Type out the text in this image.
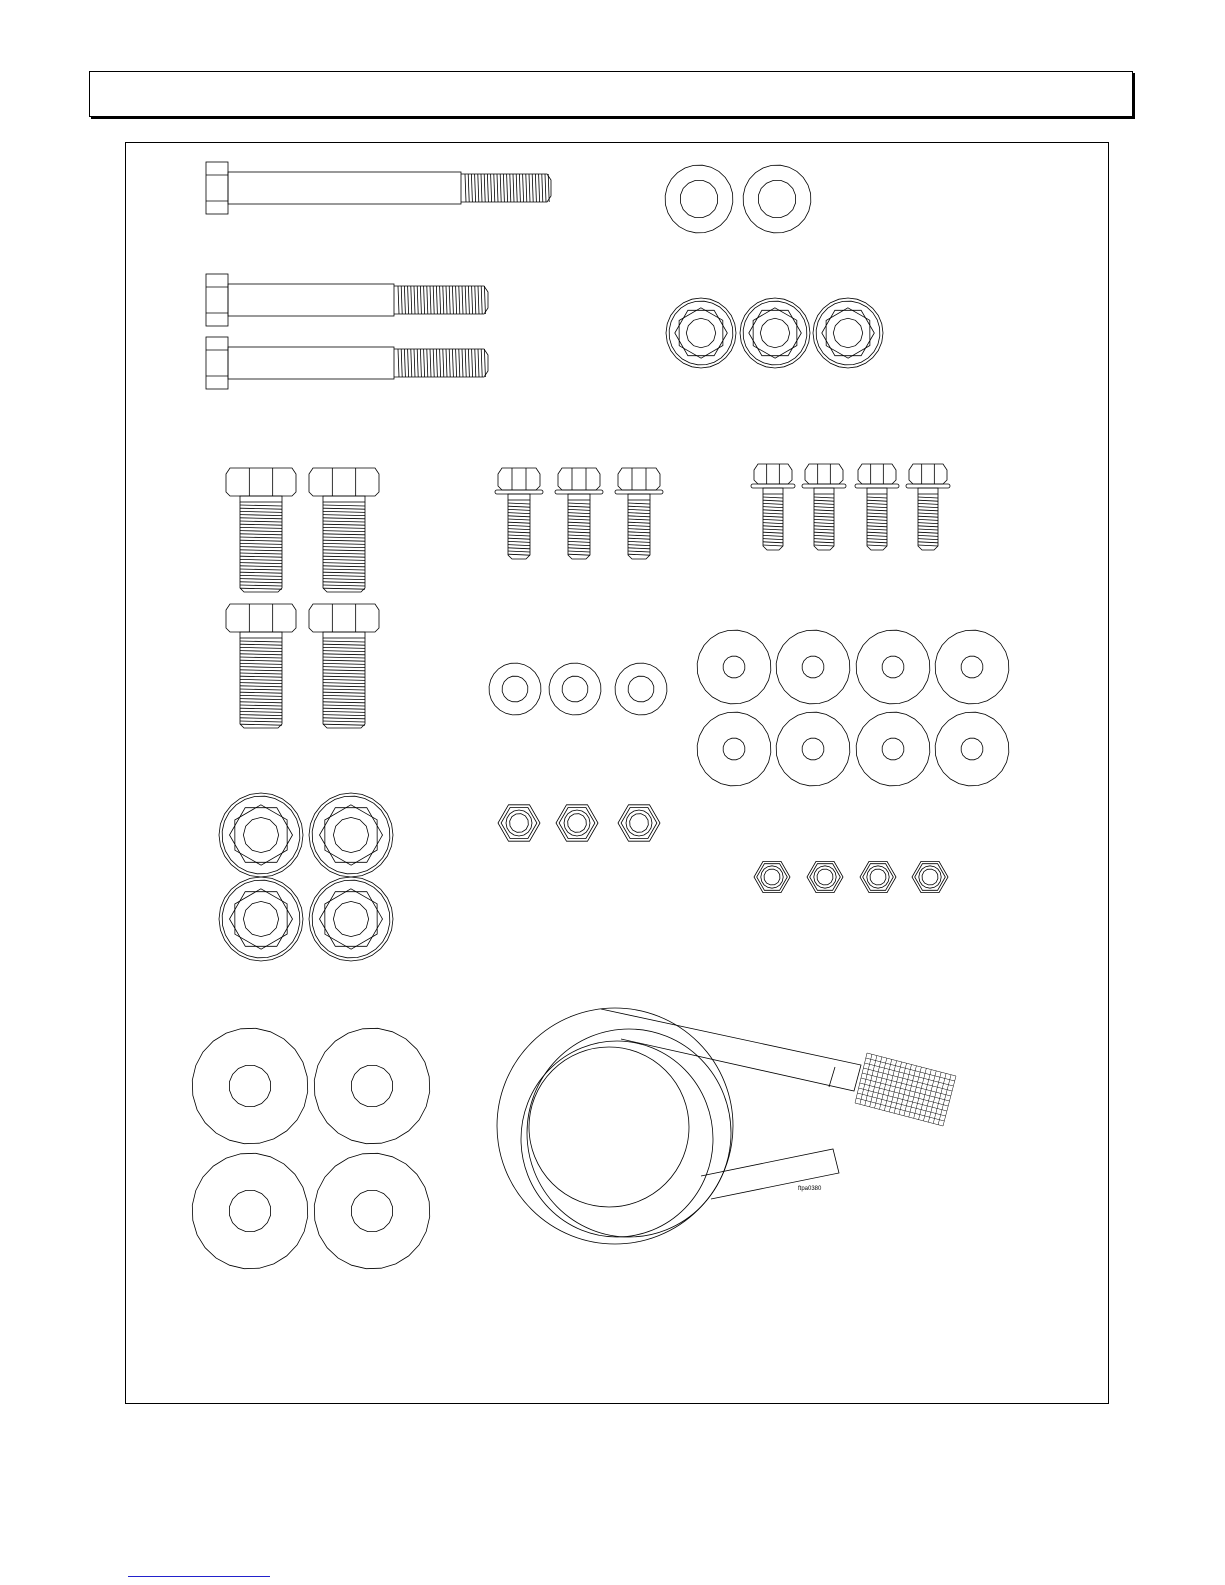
ftpa0380
